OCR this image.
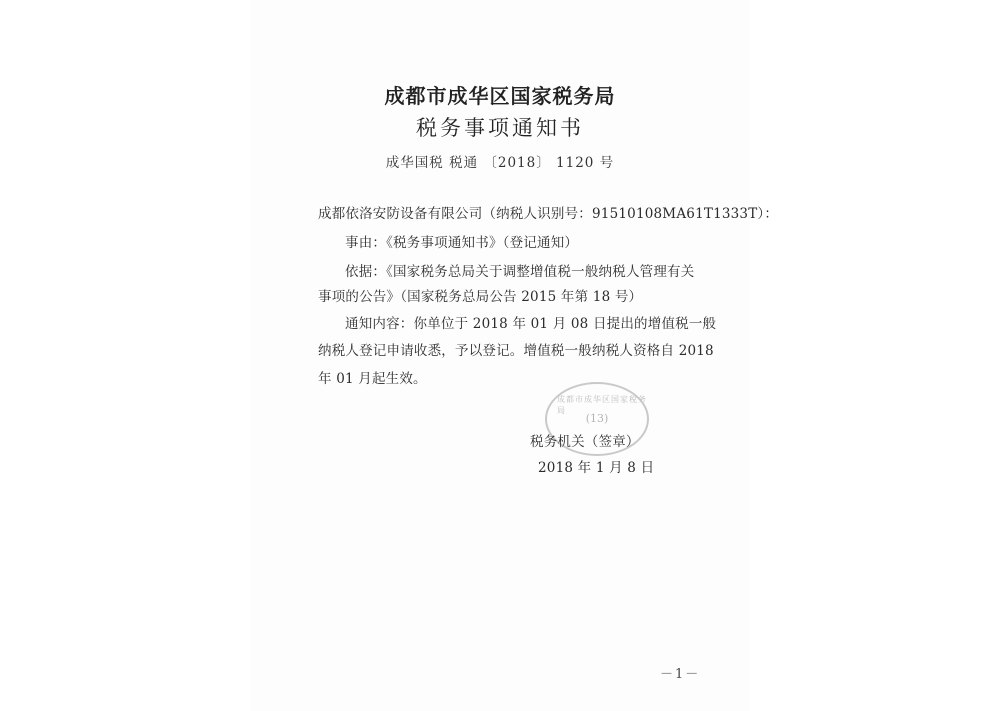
成都市成华区国家税务局
税务事项通知书
成华国税 税通 〔2018〕 1120 号
成都依洛安防设备有限公司（纳税人识别号：91510108MA61T1333T）：
事由：《税务事项通知书》（登记通知）
依据：《国家税务总局关于调整增值税一般纳税人管理有关
事项的公告》（国家税务总局公告 2015 年第 18 号）
通知内容：你单位于 2018 年 01 月 08 日提出的增值税一般
纳税人登记申请收悉，予以登记。增值税一般纳税人资格自 2018
年 01 月起生效。
成都市成华区国家税务局
(13)
税务机关（签章）
2018 年 1 月 8 日
－1－
